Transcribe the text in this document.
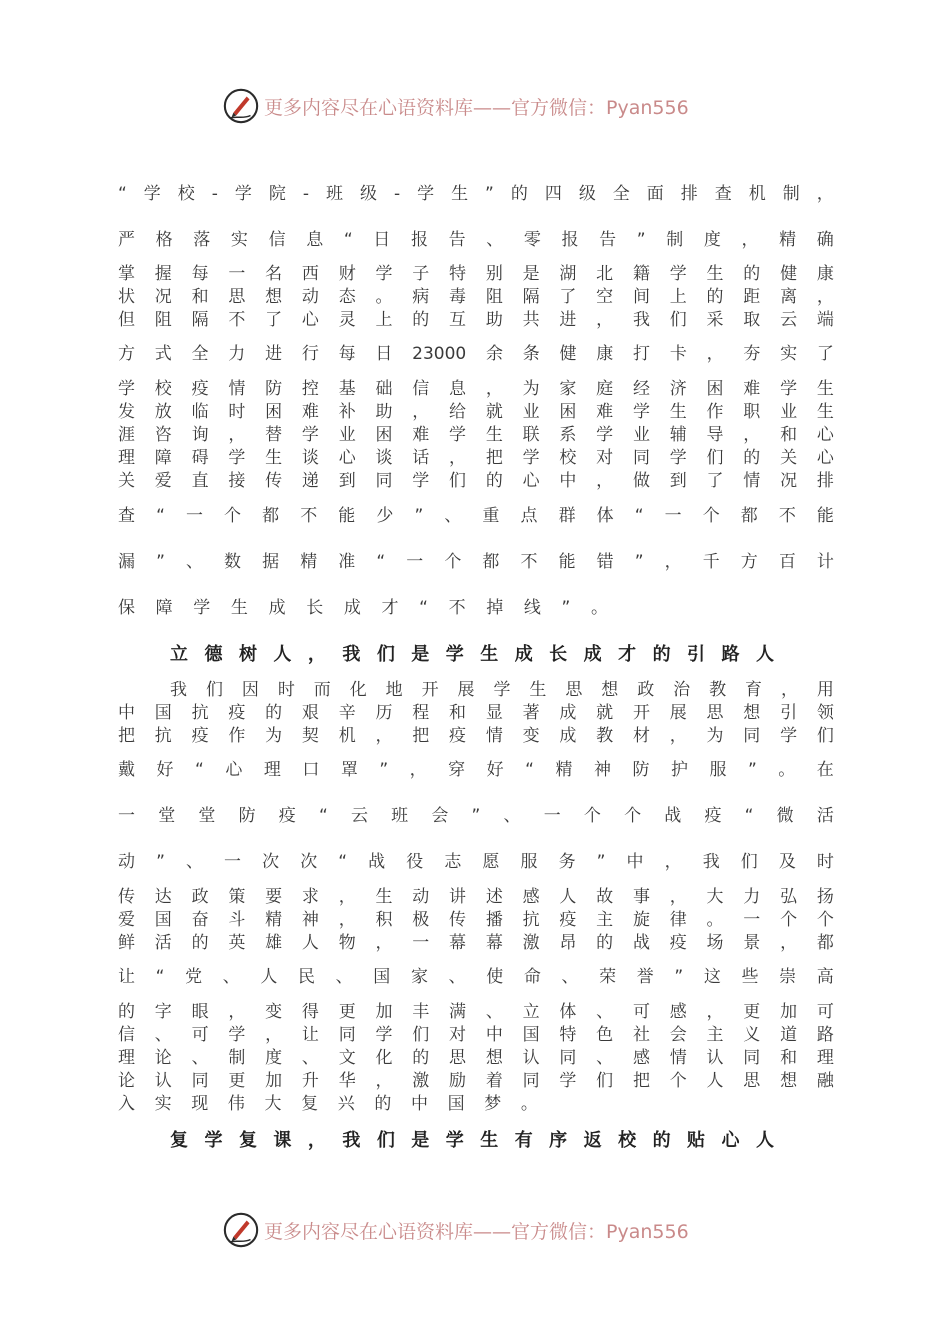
更多内容尽在心语资料库——官方微信：Pyan556
“ 学 校 - 学 院 - 班 级 - 学 生 ” 的 四 级 全 面 排 查 机 制 ，
严 格 落 实 信 息 “ 日 报 告 、 零 报 告 ” 制 度 ， 精 确
掌 握 每 一 名 西 财 学 子 特 别 是 湖 北 籍 学 生 的 健 康
状 况 和 思 想 动 态 。 病 毒 阻 隔 了 空 间 上 的 距 离 ，
但 阻 隔 不 了 心 灵 上 的 互 助 共 进 ， 我 们 采 取 云 端
方 式 全 力 进 行 每 日 23000 余 条 健 康 打 卡 ， 夯 实 了
学 校 疫 情 防 控 基 础 信 息 ， 为 家 庭 经 济 困 难 学 生
发 放 临 时 困 难 补 助 ， 给 就 业 困 难 学 生 作 职 业 生
涯 咨 询 ， 替 学 业 困 难 学 生 联 系 学 业 辅 导 ， 和 心
理 障 碍 学 生 谈 心 谈 话 ， 把 学 校 对 同 学 们 的 关 心
关 爱 直 接 传 递 到 同 学 们 的 心 中 ， 做 到 了 情 况 排
查 “ 一 个 都 不 能 少 ” 、 重 点 群 体 “ 一 个 都 不 能
漏 ” 、 数 据 精 准 “ 一 个 都 不 能 错 ” ， 千 方 百 计
保 障 学 生 成 长 成 才 “ 不 掉 线 ” 。
我 们 因 时 而 化 地 开 展 学 生 思 想 政 治 教 育 ， 用
中 国 抗 疫 的 艰 辛 历 程 和 显 著 成 就 开 展 思 想 引 领
把 抗 疫 作 为 契 机 ， 把 疫 情 变 成 教 材 ， 为 同 学 们
戴 好 “ 心 理 口 罩 ” ， 穿 好 “ 精 神 防 护 服 ” 。 在
一 堂 堂 防 疫 “ 云 班 会 ” 、 一 个 个 战 疫 “ 微 活
动 ” 、 一 次 次 “ 战 役 志 愿 服 务 ” 中 ， 我 们 及 时
传 达 政 策 要 求 ， 生 动 讲 述 感 人 故 事 ， 大 力 弘 扬
爱 国 奋 斗 精 神 ， 积 极 传 播 抗 疫 主 旋 律 。 一 个 个
鲜 活 的 英 雄 人 物 ， 一 幕 幕 激 昂 的 战 疫 场 景 ， 都
让 “ 党 、 人 民 、 国 家 、 使 命 、 荣 誉 ” 这 些 崇 高
的 字 眼 ， 变 得 更 加 丰 满 、 立 体 、 可 感 ， 更 加 可
信 、 可 学 ， 让 同 学 们 对 中 国 特 色 社 会 主 义 道 路
理 论 、 制 度 、 文 化 的 思 想 认 同 、 感 情 认 同 和 理
论 认 同 更 加 升 华 ， 激 励 着 同 学 们 把 个 人 思 想 融
入 实 现 伟 大 复 兴 的 中 国 梦 。
立 德 树 人 ， 我 们 是 学 生 成 长 成 才 的 引 路 人
复 学 复 课 ， 我 们 是 学 生 有 序 返 校 的 贴 心 人
更多内容尽在心语资料库——官方微信：Pyan556
